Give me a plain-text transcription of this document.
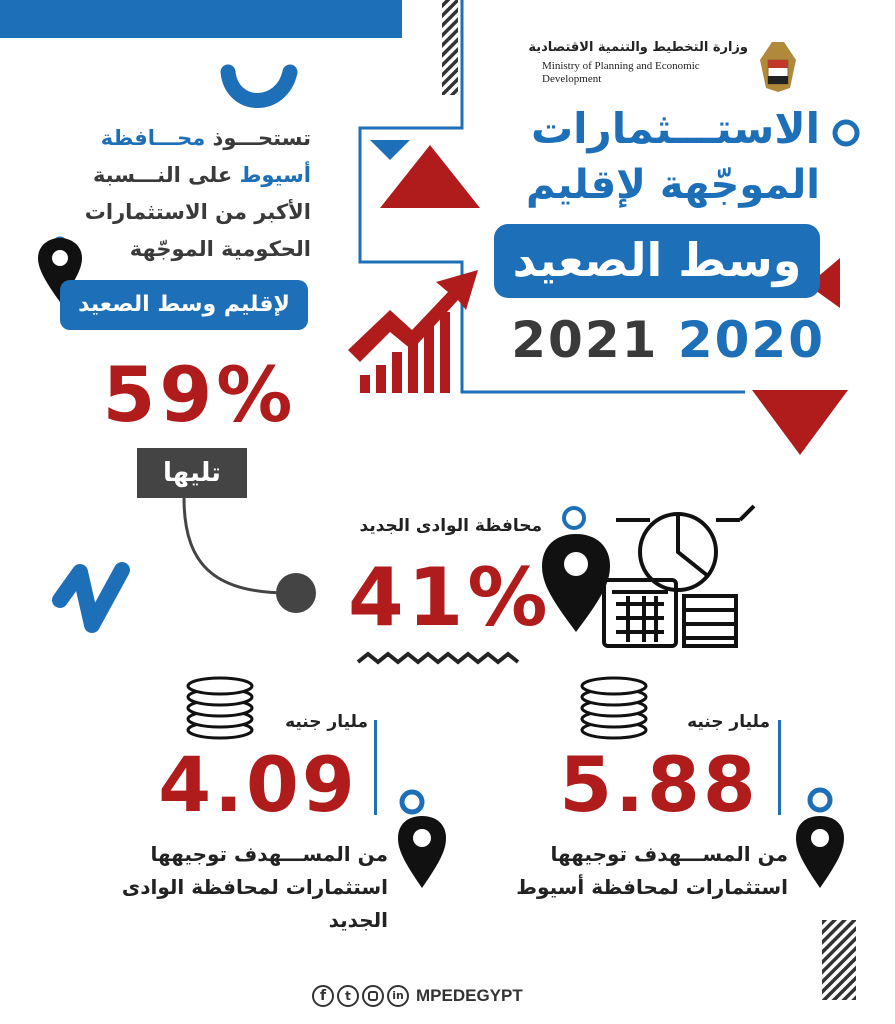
وزارة التخطيط والتنمية الاقتصادية
Ministry of Planning and Economic
Development
الاستـــثمارات
الموجّهة لإقليم
وسط الصعيد
2021 2020
تستحـــوذ محـــافظة
أسيوط على النـــسبة
الأكبر من الاستثمارات
الحكومية الموجّهة
لإقليم وسط الصعيد
59%
تليها
محافظة الوادى الجديد
41%
مليار جنيه
5.88
من المســـهدف توجيهها
استثمارات لمحافظة أسيوط
مليار جنيه
4.09
من المســـهدف توجيهها
استثمارات لمحافظة الوادى
الجديد
f	t	in MPEDEGYPT
